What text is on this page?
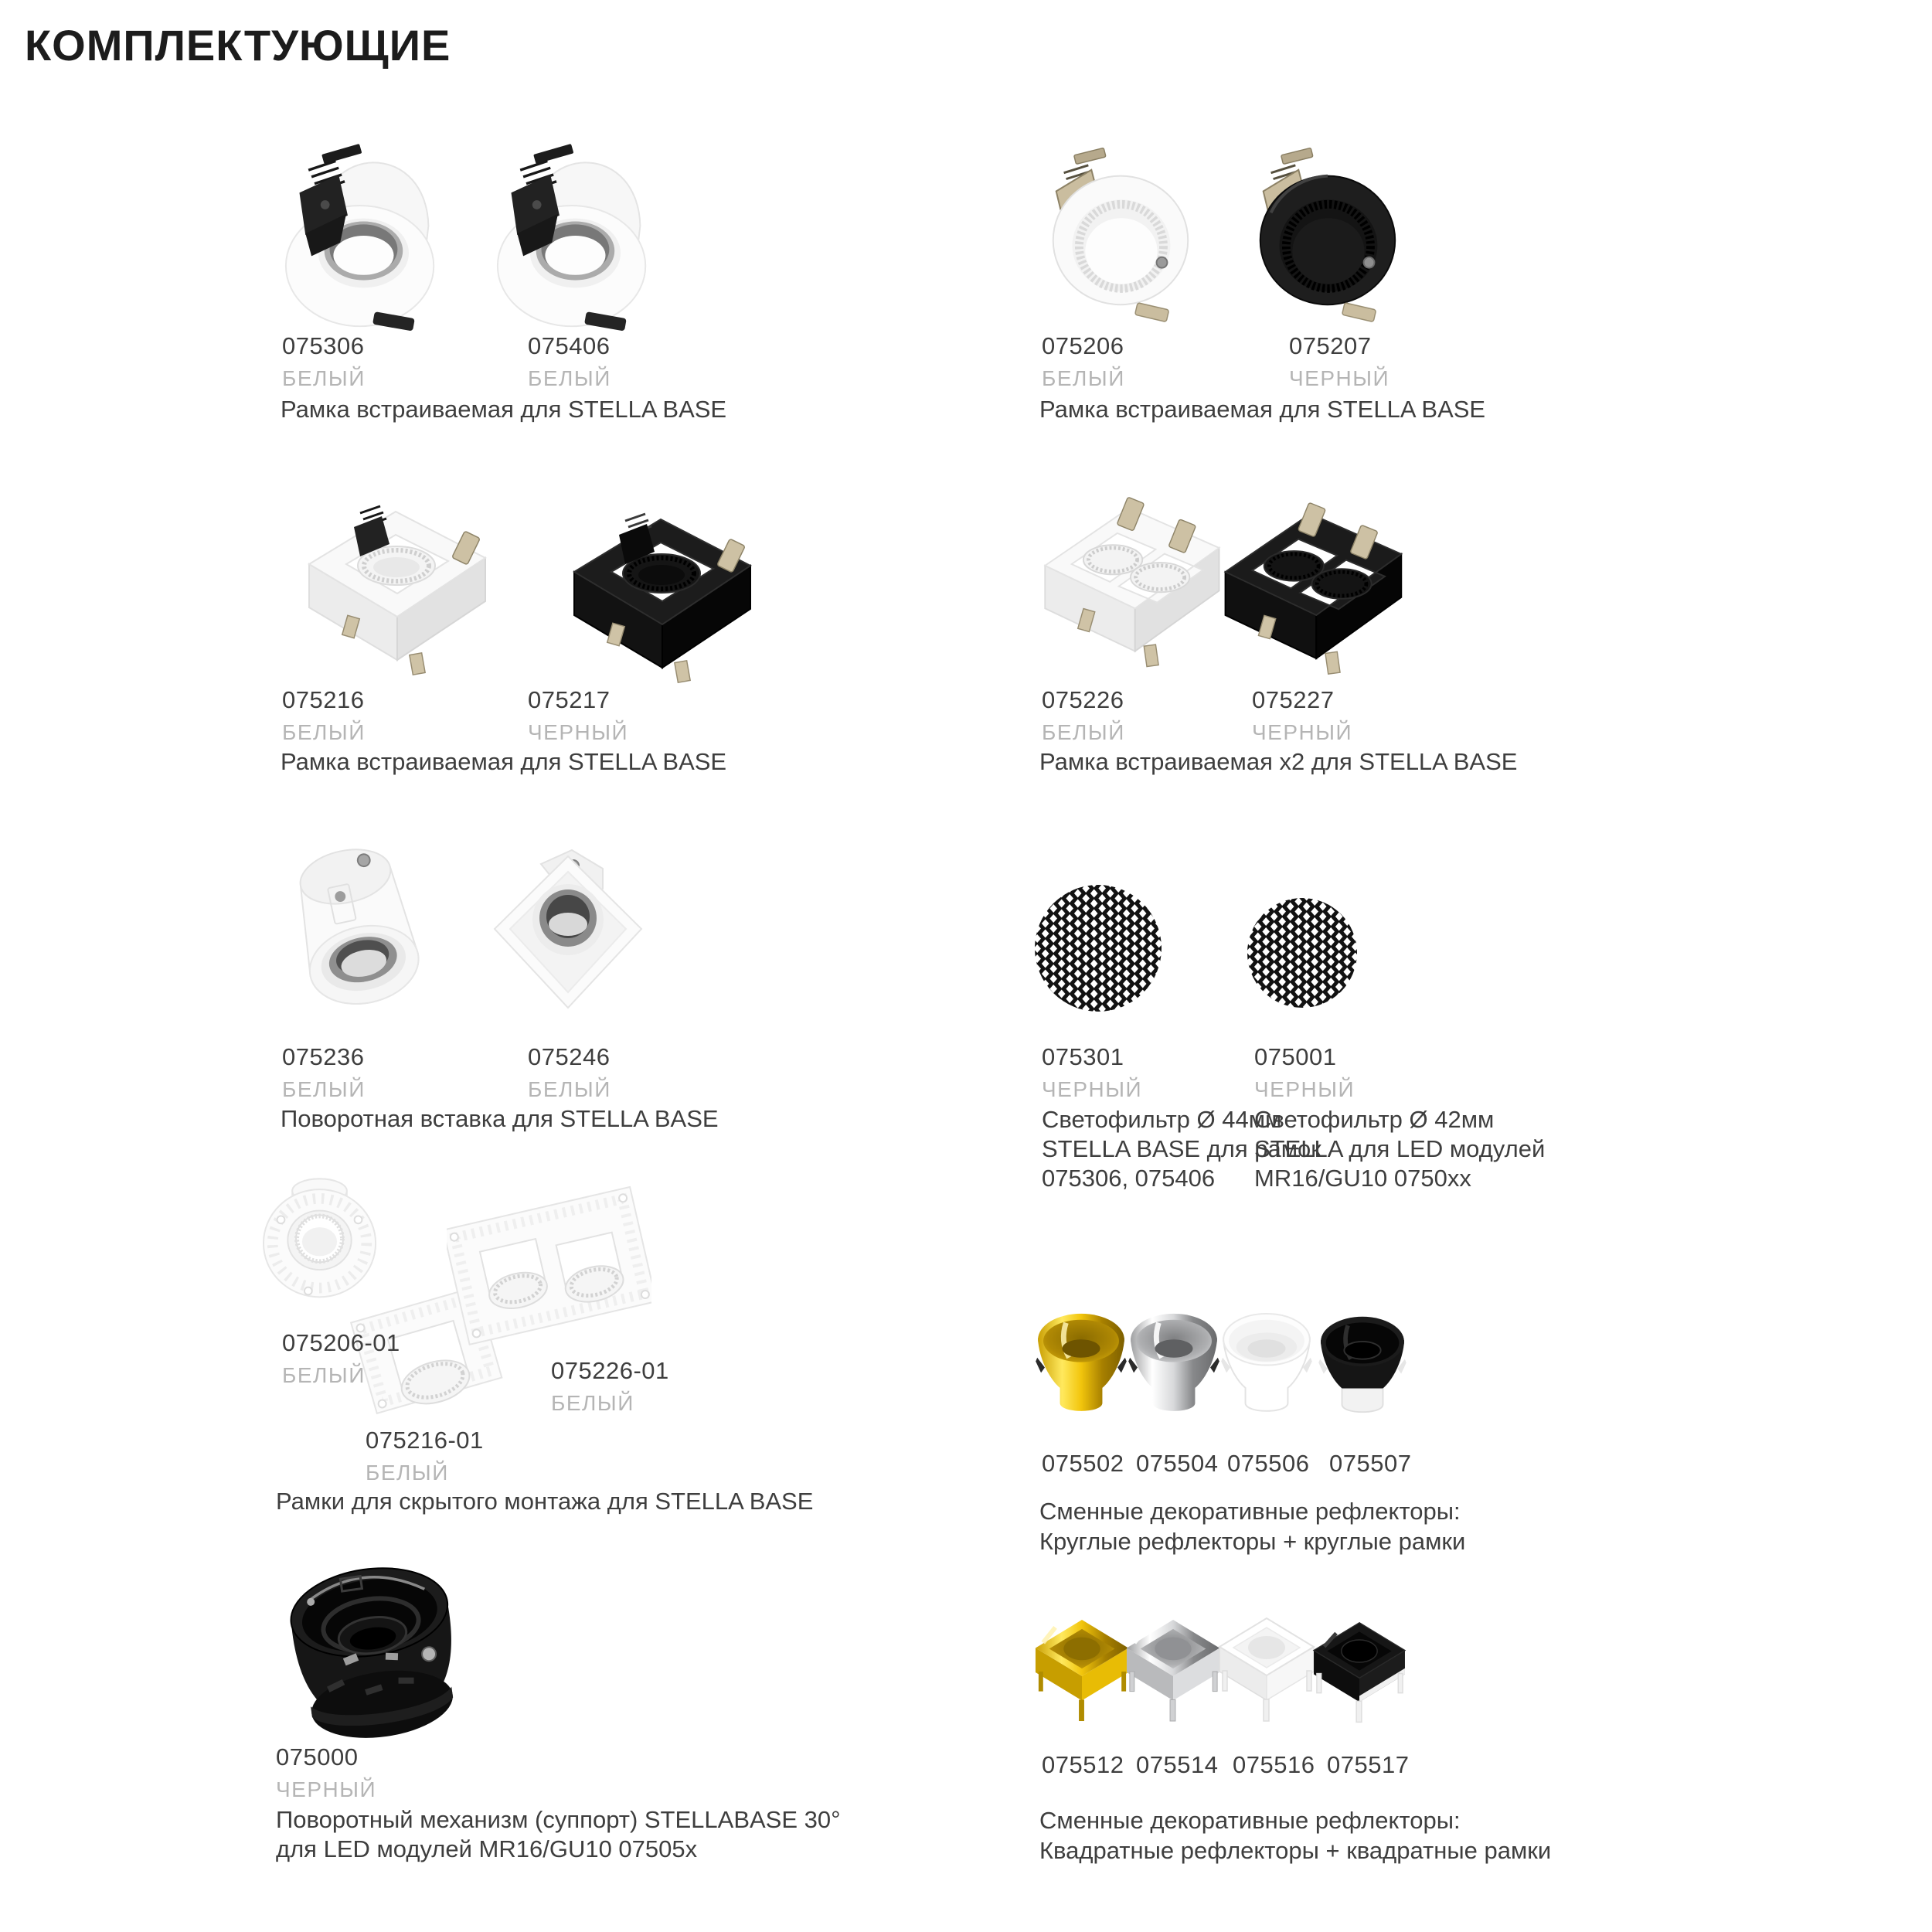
КОМПЛЕКТУЮЩИЕ
075306
БЕЛЫЙ
075406
БЕЛЫЙ
Рамка встраиваемая для STELLA BASE
075206
БЕЛЫЙ
075207
ЧЕРНЫЙ
Рамка встраиваемая для STELLA BASE
075216
БЕЛЫЙ
075217
ЧЕРНЫЙ
Рамка встраиваемая для STELLA BASE
075226
БЕЛЫЙ
075227
ЧЕРНЫЙ
Рамка встраиваемая x2 для STELLA BASE
075236
БЕЛЫЙ
075246
БЕЛЫЙ
Поворотная вставка для STELLA BASE
075301
ЧЕРНЫЙ
Светофильтр Ø 44мм
STELLA BASE для рамок
075306, 075406
075001
ЧЕРНЫЙ
Светофильтр Ø 42мм
STELLA для LED модулей
MR16/GU10 0750xx
075206-01
БЕЛЫЙ
075216-01
БЕЛЫЙ
075226-01
БЕЛЫЙ
Рамки для скрытого монтажа для STELLA BASE
075502 075504 075506 075507
Сменные декоративные рефлекторы:
Круглые рефлекторы + круглые рамки
075000
ЧЕРНЫЙ
Поворотный механизм (суппорт) STELLABASE 30°
для LED модулей MR16/GU10 07505x
075512 075514 075516 075517
Сменные декоративные рефлекторы:
Квадратные рефлекторы + квадратные рамки
